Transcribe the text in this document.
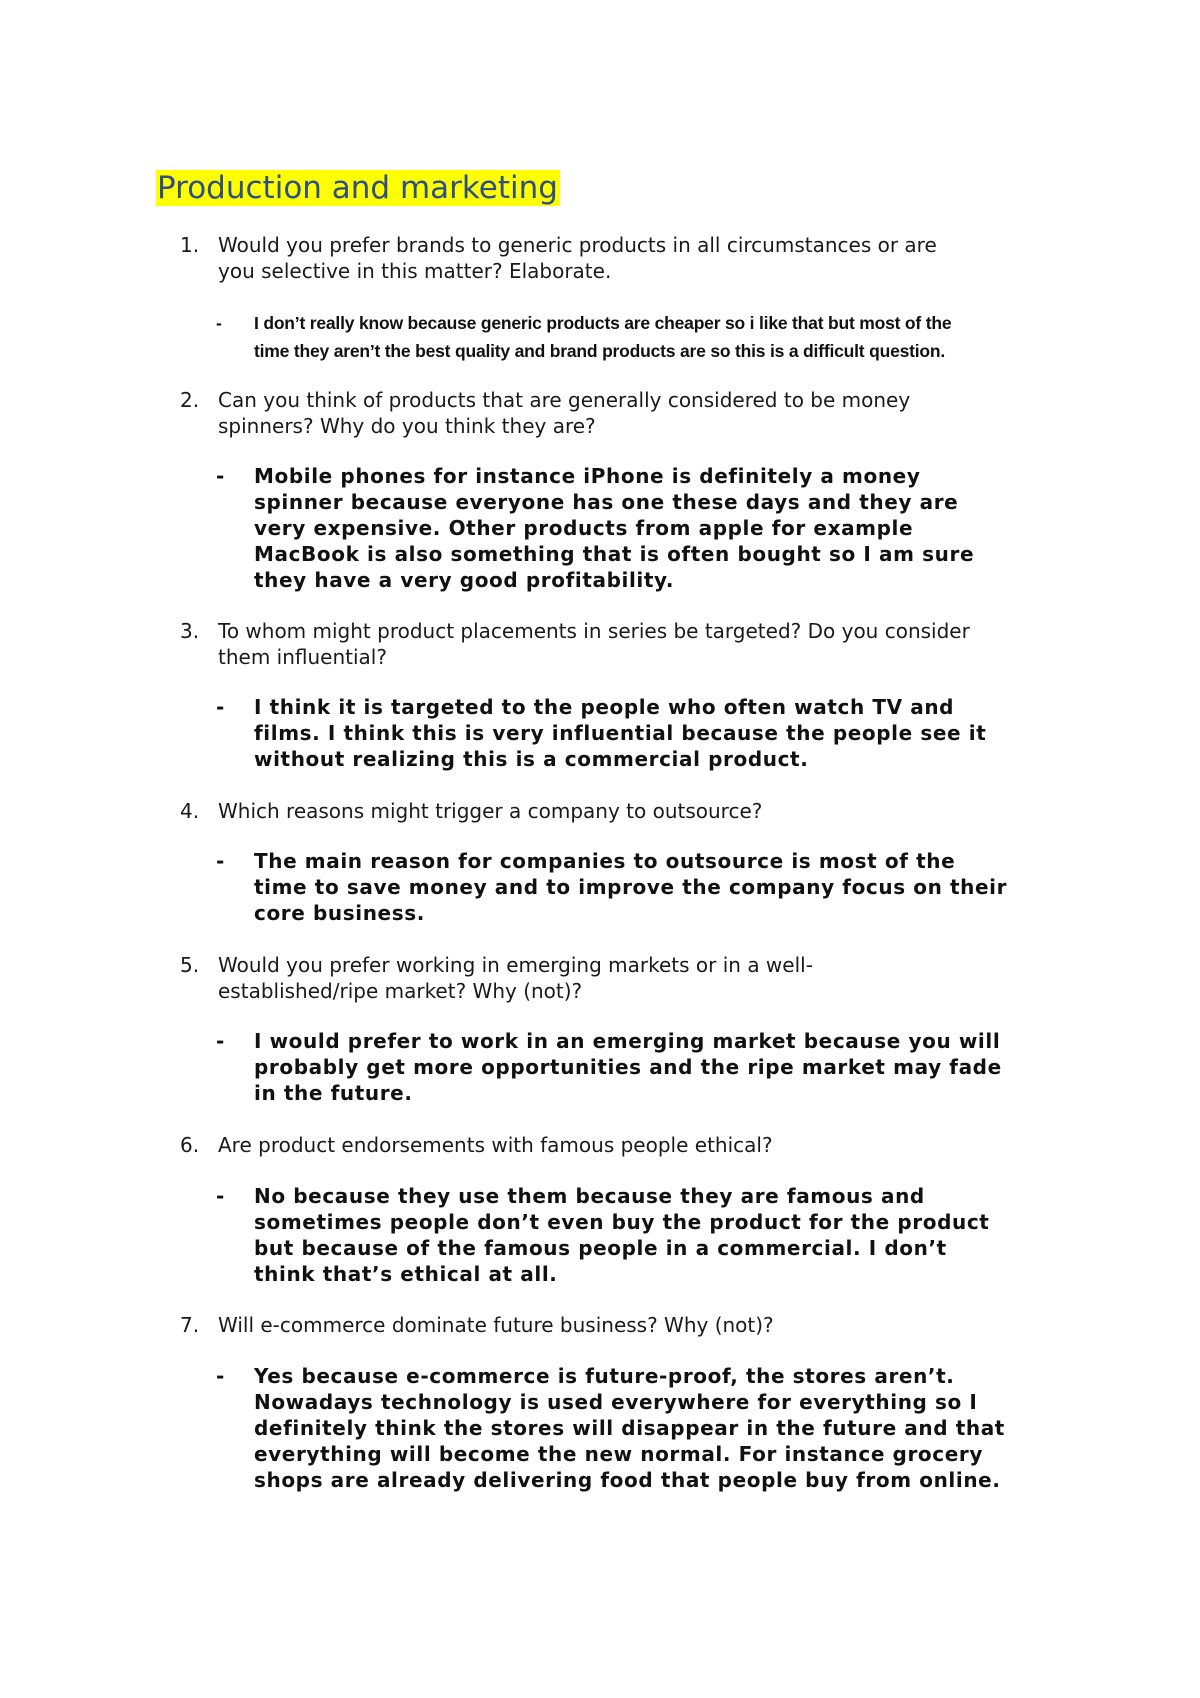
Production and marketing
1. Would you prefer brands to generic products in all circumstances or are
you selective in this matter? Elaborate.
- I don’t really know because generic products are cheaper so i like that but most of the
time they aren’t the best quality and brand products are so this is a difficult question.
2. Can you think of products that are generally considered to be money
spinners? Why do you think they are?
- Mobile phones for instance iPhone is definitely a money
spinner because everyone has one these days and they are
very expensive. Other products from apple for example
MacBook is also something that is often bought so I am sure
they have a very good profitability.
3. To whom might product placements in series be targeted? Do you consider
them influential?
- I think it is targeted to the people who often watch TV and
films. I think this is very influential because the people see it
without realizing this is a commercial product.
4. Which reasons might trigger a company to outsource?
- The main reason for companies to outsource is most of the
time to save money and to improve the company focus on their
core business.
5. Would you prefer working in emerging markets or in a well-
established/ripe market? Why (not)?
- I would prefer to work in an emerging market because you will
probably get more opportunities and the ripe market may fade
in the future.
6. Are product endorsements with famous people ethical?
- No because they use them because they are famous and
sometimes people don’t even buy the product for the product
but because of the famous people in a commercial. I don’t
think that’s ethical at all.
7. Will e-commerce dominate future business? Why (not)?
- Yes because e-commerce is future-proof, the stores aren’t.
Nowadays technology is used everywhere for everything so I
definitely think the stores will disappear in the future and that
everything will become the new normal. For instance grocery
shops are already delivering food that people buy from online.
